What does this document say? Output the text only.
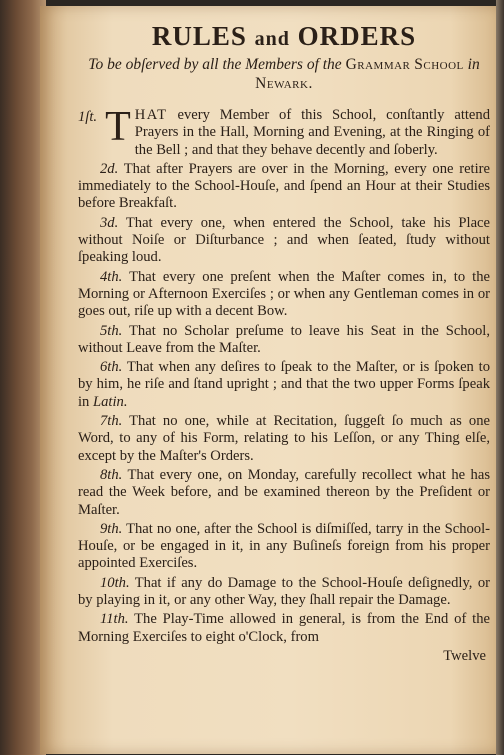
RULES and ORDERS

To be obſerved by all the Members of the Grammar School in Newark.

1ſt. T HAT every Member of this School, conſtantly attend Prayers in the Hall, Morning and Evening, at the Ringing of the Bell ; and that they behave decently and ſoberly.

2d. That after Prayers are over in the Morning, every one retire immediately to the School-Houſe, and ſpend an Hour at their Studies before Breakfaſt.

3d. That every one, when entered the School, take his Place without Noiſe or Diſturbance ; and when ſeated, ſtudy without ſpeaking loud.

4th. That every one preſent when the Maſter comes in, to the Morning or Afternoon Exerciſes ; or when any Gentleman comes in or goes out, riſe up with a decent Bow.

5th. That no Scholar preſume to leave his Seat in the School, without Leave from the Maſter.

6th. That when any deſires to ſpeak to the Maſter, or is ſpoken to by him, he riſe and ſtand upright ; and that the two upper Forms ſpeak in Latin.

7th. That no one, while at Recitation, ſuggeſt ſo much as one Word, to any of his Form, relating to his Leſſon, or any Thing elſe, except by the Maſter's Orders.

8th. That every one, on Monday, carefully recollect what he has read the Week before, and be examined thereon by the Preſident or Maſter.

9th. That no one, after the School is diſmiſſed, tarry in the School-Houſe, or be engaged in it, in any Buſineſs foreign from his proper appointed Exerciſes.

10th. That if any do Damage to the School-Houſe deſignedly, or by playing in it, or any other Way, they ſhall repair the Damage.

11th. The Play-Time allowed in general, is from the End of the Morning Exerciſes to eight o'Clock, from

Twelve
